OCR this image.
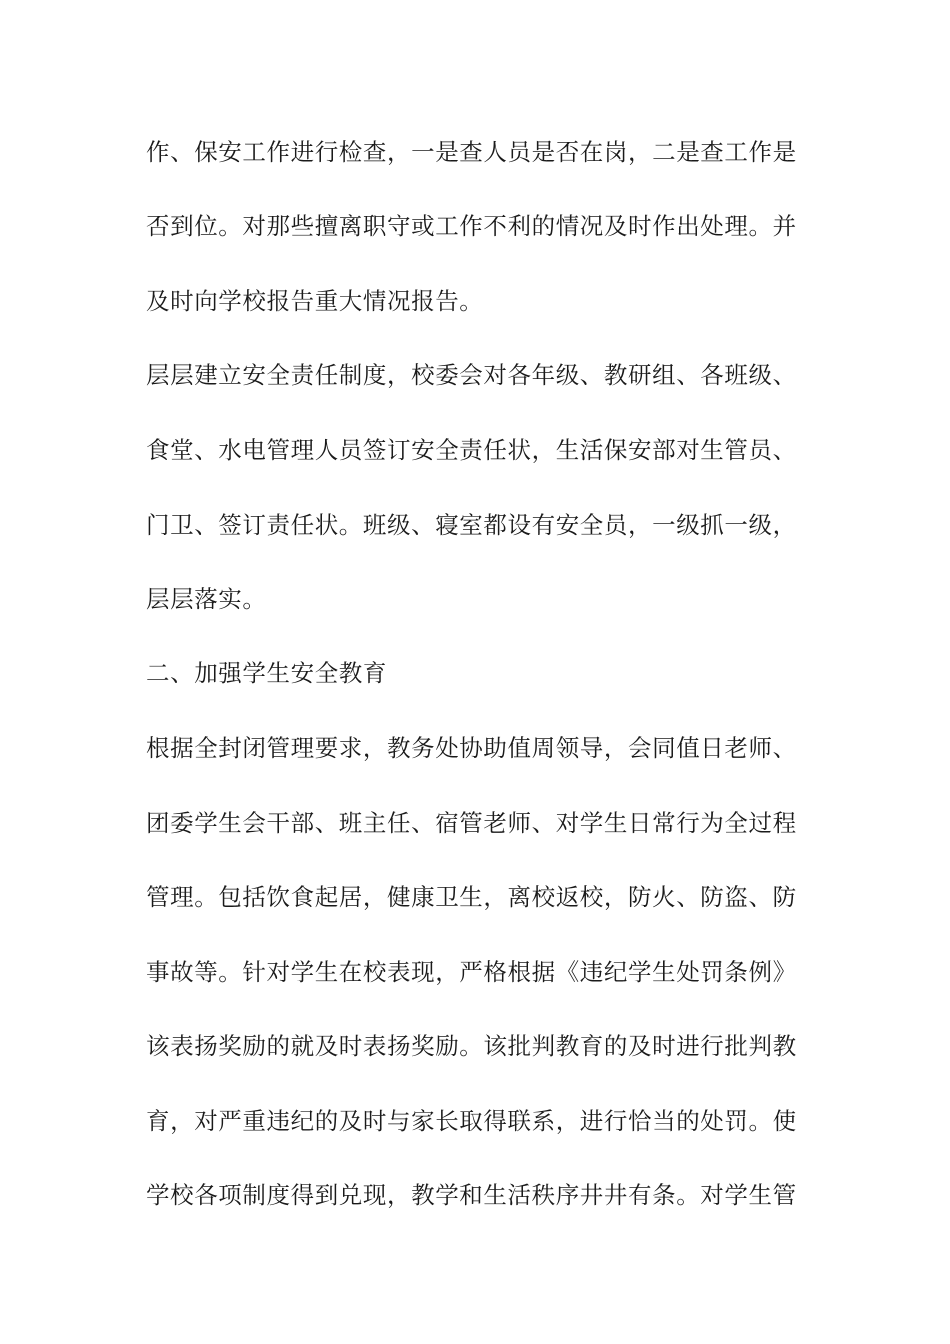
作、保安工作进行检查，一是查人员是否在岗，二是查工作是
否到位。对那些擅离职守或工作不利的情况及时作出处理。并
及时向学校报告重大情况报告。
层层建立安全责任制度，校委会对各年级、教研组、各班级、
食堂、水电管理人员签订安全责任状，生活保安部对生管员、
门卫、签订责任状。班级、寝室都设有安全员，一级抓一级，
层层落实。
二、加强学生安全教育
根据全封闭管理要求，教务处协助值周领导，会同值日老师、
团委学生会干部、班主任、宿管老师、对学生日常行为全过程
管理。包括饮食起居，健康卫生，离校返校，防火、防盗、防
事故等。针对学生在校表现，严格根据《违纪学生处罚条例》
该表扬奖励的就及时表扬奖励。该批判教育的及时进行批判教
育，对严重违纪的及时与家长取得联系，进行恰当的处罚。使
学校各项制度得到兑现，教学和生活秩序井井有条。对学生管
